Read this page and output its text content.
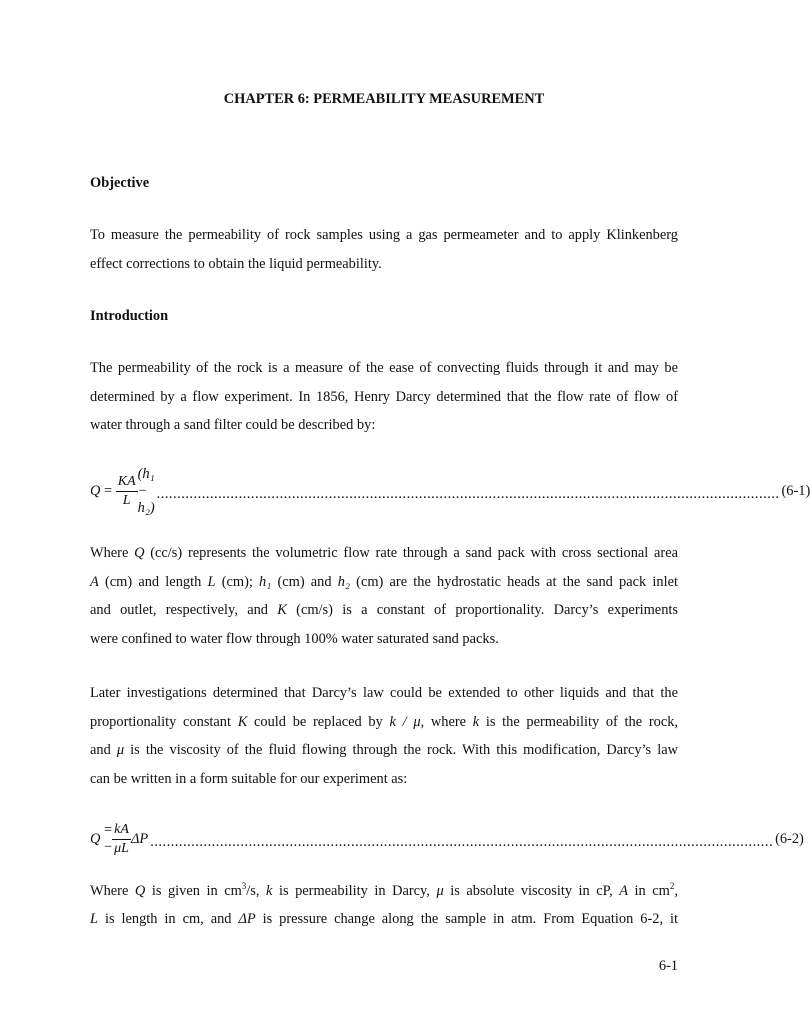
CHAPTER 6: PERMEABILITY MEASUREMENT
Objective
To measure the permeability of rock samples using a gas permeameter and to apply Klinkenberg
effect corrections to obtain the liquid permeability.
Introduction
The permeability of the rock is a measure of the ease of convecting fluids through it and may be
determined by a flow experiment. In 1856, Henry Darcy determined that the flow rate of flow of
water through a sand filter could be described by:
Q
=
$\frac{KA}{L}$
(h₁ − h₂)
........................................................................................................................................................ (6-1)
Where Q (cc/s) represents the volumetric flow rate through a sand pack with cross sectional area
A (cm) and length L (cm); h₁ (cm) and h₂ (cm) are the hydrostatic heads at the sand pack inlet
and outlet, respectively, and K (cm/s) is a constant of proportionality. Darcy’s experiments
were confined to water flow through 100% water saturated sand packs.
Later investigations determined that Darcy’s law could be extended to other liquids and that the
proportionality constant K could be replaced by k / μ, where k is the permeability of the rock,
and μ is the viscosity of the fluid flowing through the rock. With this modification, Darcy’s law
can be written in a form suitable for our experiment as:
Q

= − $\frac{kA}{\mu L}$ ΔP ........................................................................................................................................................ (6-2)
Where Q is given in $cm^3/s$, k is permeability in Darcy, μ is absolute viscosity in cP, A in $cm^2$,
L is length in cm, and ΔP is pressure change along the sample in atm. From Equation 6-2, it
6-1
